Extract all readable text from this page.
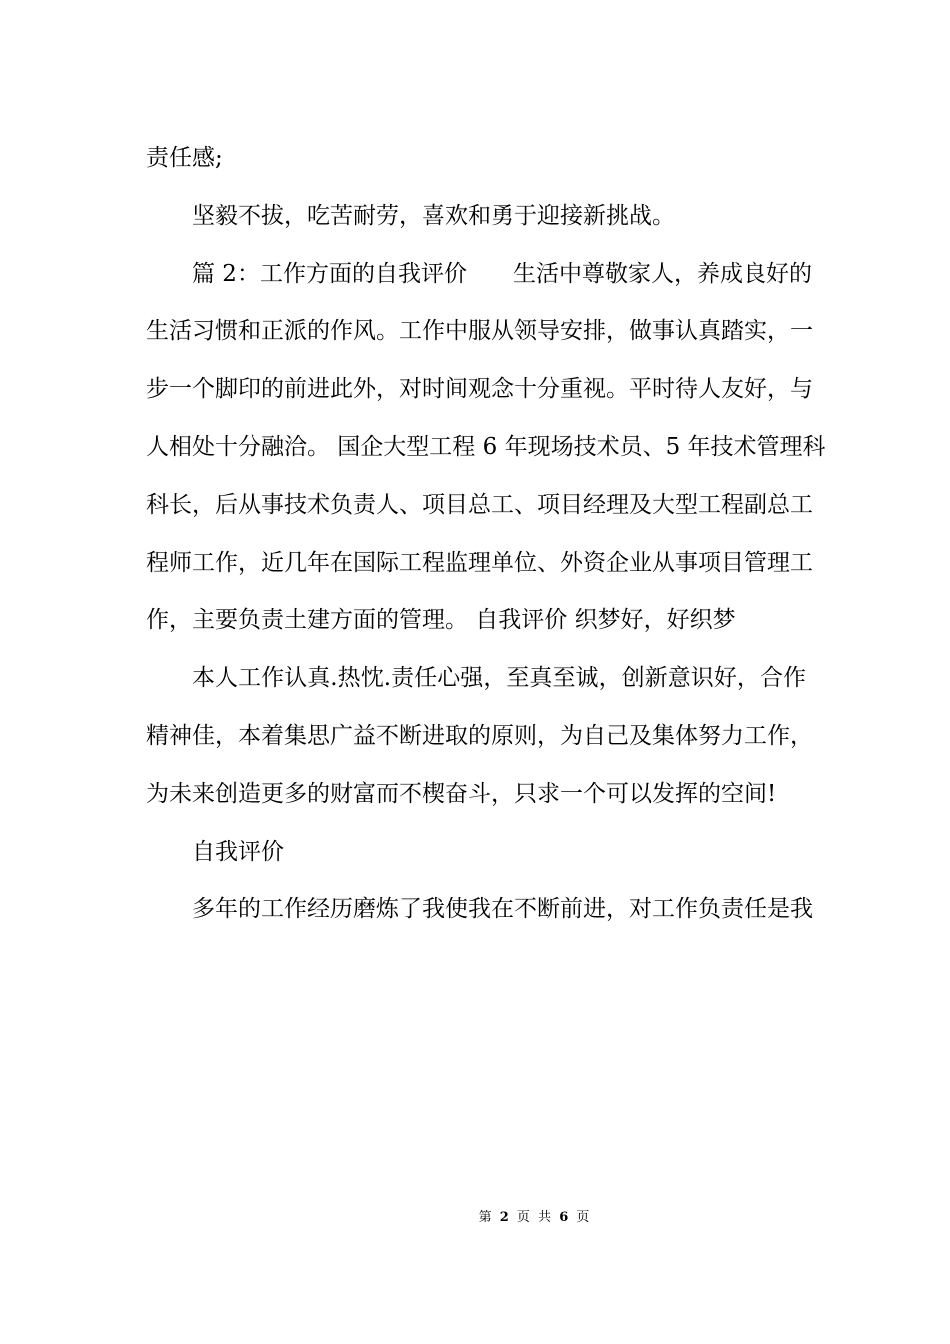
责任感;
坚毅不拔，吃苦耐劳，喜欢和勇于迎接新挑战。
篇 2：工作方面的自我评价　　生活中尊敬家人，养成良好的
生活习惯和正派的作风。工作中服从领导安排，做事认真踏实，一
步一个脚印的前进此外，对时间观念十分重视。平时待人友好，与
人相处十分融洽。 国企大型工程 6 年现场技术员、5 年技术管理科
科长，后从事技术负责人、项目总工、项目经理及大型工程副总工
程师工作，近几年在国际工程监理单位、外资企业从事项目管理工
作，主要负责土建方面的管理。 自我评价 织梦好，好织梦
本人工作认真.热忱.责任心强，至真至诚，创新意识好，合作
精神佳，本着集思广益不断进取的原则，为自己及集体努力工作，
为未来创造更多的财富而不楔奋斗，只求一个可以发挥的空间!
自我评价
多年的工作经历磨炼了我使我在不断前进，对工作负责任是我
第 2 页 共 6 页
